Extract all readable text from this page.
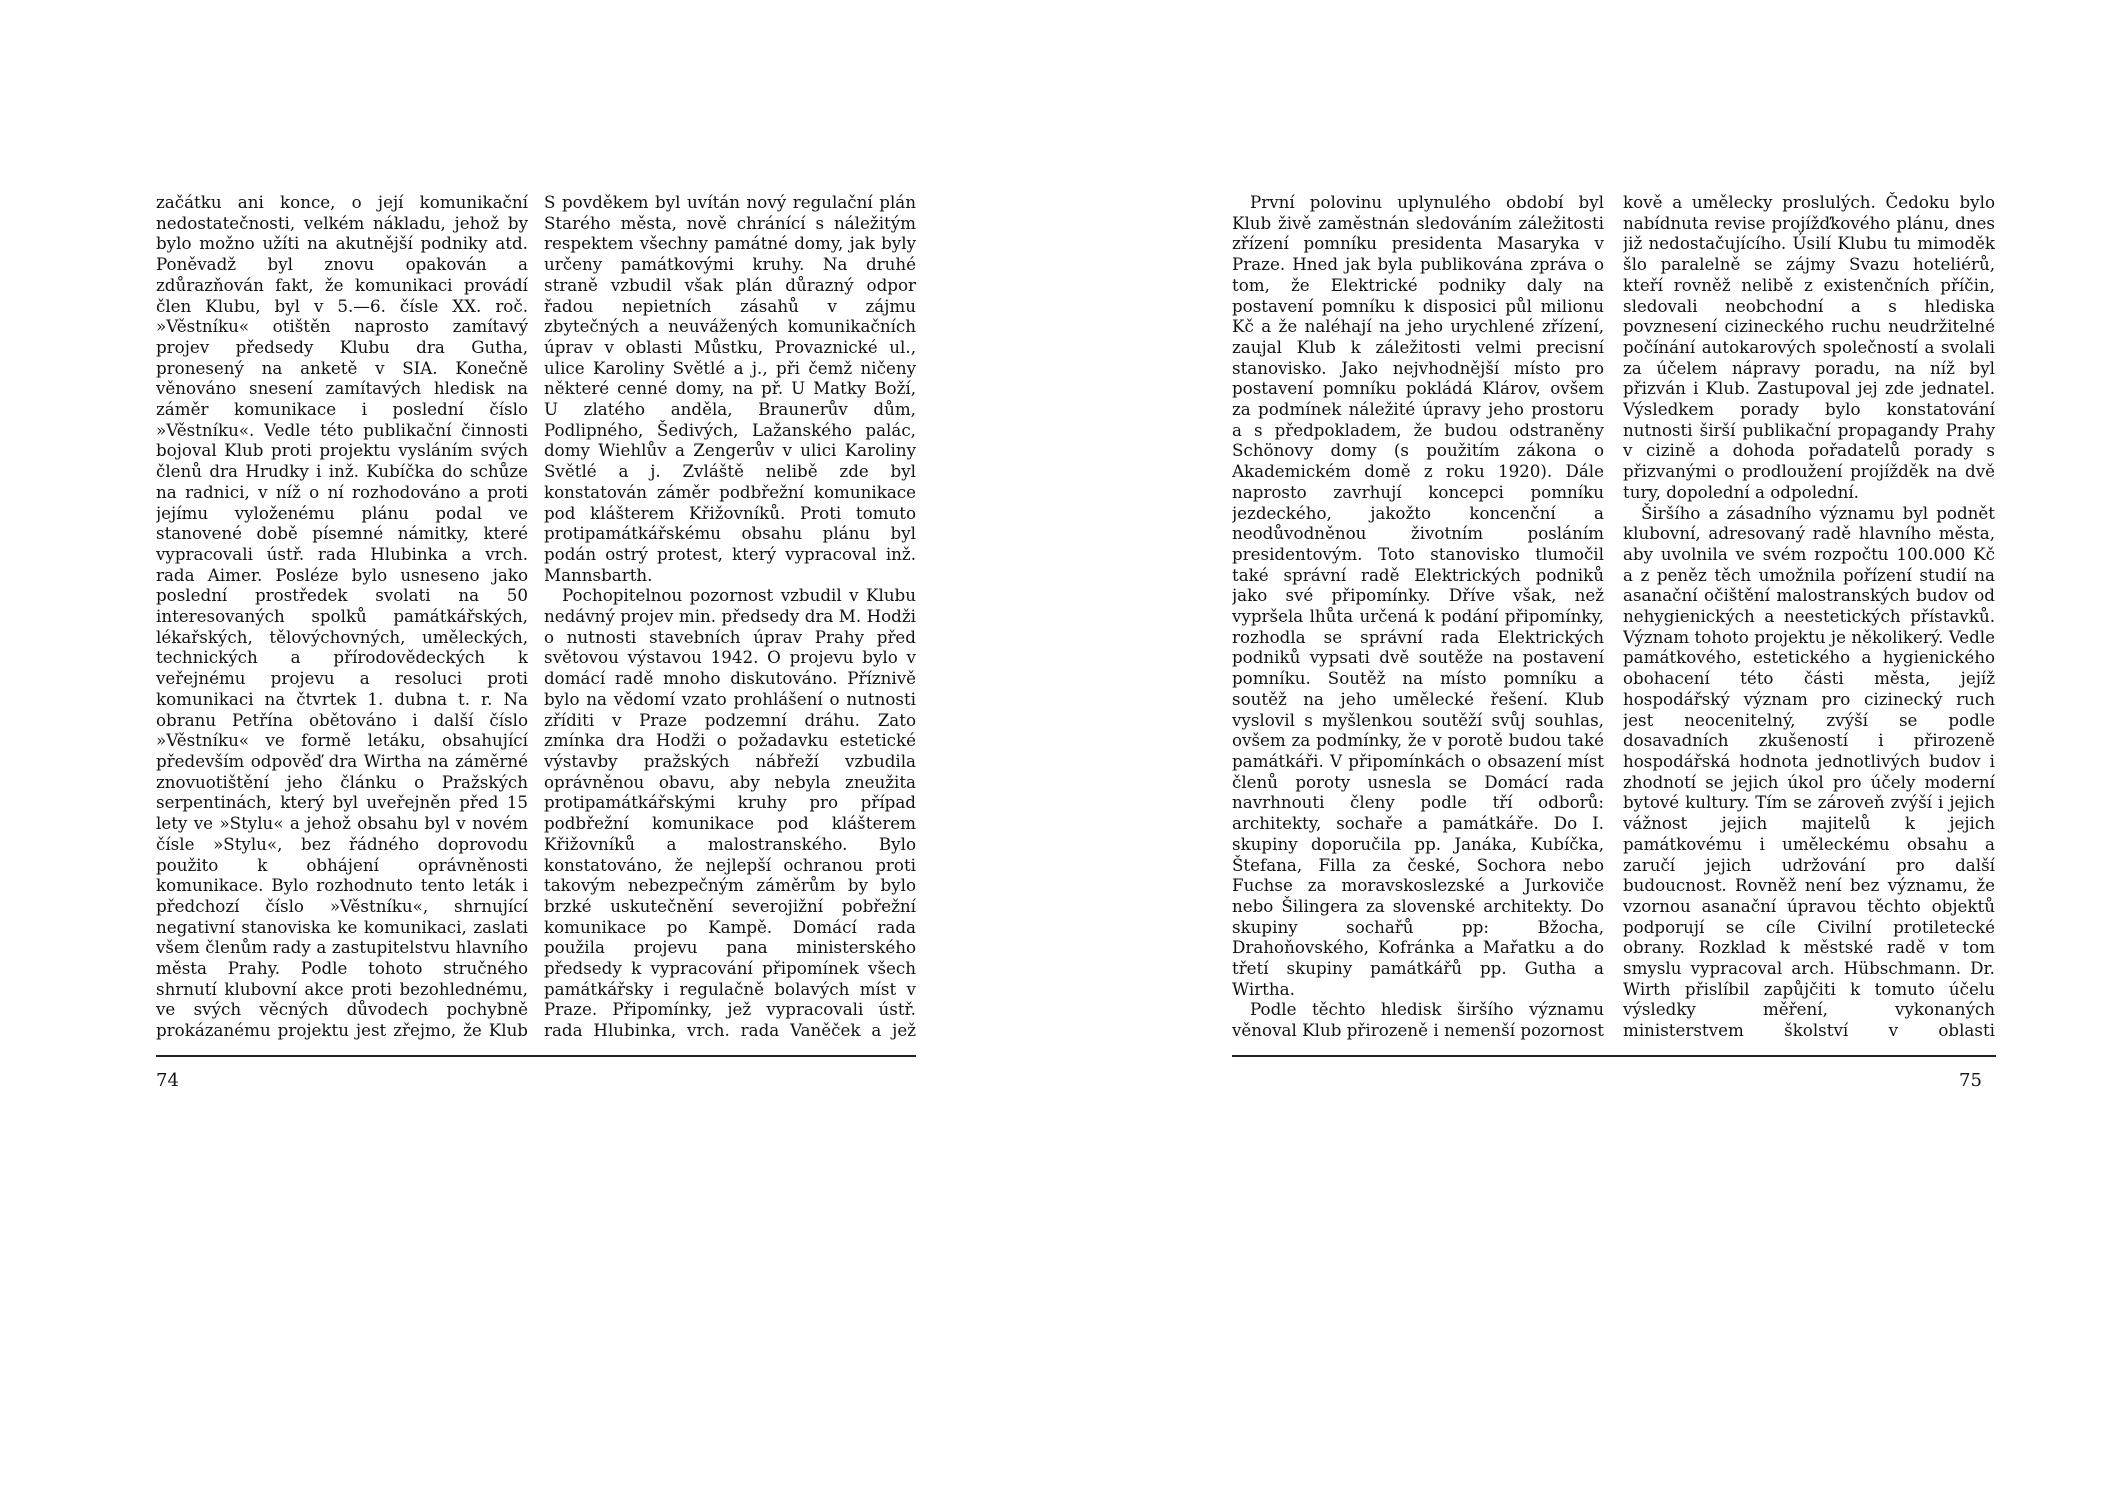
začátku ani konce, o její komunikační nedostatečnosti, velkém nákladu, jehož by bylo možno užíti na akutnější podniky atd. Poněvadž byl znovu opakován a zdůrazňován fakt, že komunikaci provádí člen Klubu, byl v 5.—6. čísle XX. roč. »Věstníku« otištěn naprosto zamítavý projev předsedy Klubu dra Gutha, pronesený na anketě v SIA. Konečně věnováno snesení zamítavých hledisk na záměr komunikace i poslední číslo »Věstníku«. Vedle této publikační činnosti bojoval Klub proti projektu vysláním svých členů dra Hrudky i inž. Kubíčka do schůze na radnici, v níž o ní rozhodováno a proti jejímu vyloženému plánu podal ve stanovené době písemné námitky, které vypracovali ústř. rada Hlubinka a vrch. rada Aimer. Posléze bylo usneseno jako poslední prostředek svolati na 50 interesovaných spolků památkářských, lékařských, tělovýchovných, uměleckých, technických a přírodovědeckých k veřejnému projevu a resoluci proti komunikaci na čtvrtek 1. dubna t. r. Na obranu Petřína obětováno i další číslo »Věstníku« ve formě letáku, obsahující především odpověď dra Wirtha na záměrné znovuotištění jeho článku o Pražských serpentinách, který byl uveřejněn před 15 lety ve »Stylu« a jehož obsahu byl v novém čísle »Stylu«, bez řádného doprovodu použito k obhájení oprávněnosti komunikace. Bylo rozhodnuto tento leták i předchozí číslo »Věstníku«, shrnující negativní stanoviska ke komunikaci, zaslati všem členům rady a zastupitelstvu hlavního města Prahy. Podle tohoto stručného shrnutí klubovní akce proti bezohlednému, ve svých věcných důvodech pochybně prokázanému projektu jest zřejmo, že Klub

S povděkem byl uvítán nový regulační plán Starého města, nově chránící s náležitým respektem všechny památné domy, jak byly určeny památkovými kruhy. Na druhé straně vzbudil však plán důrazný odpor řadou nepietních zásahů v zájmu zbytečných a neuvážených komunikačních úprav v oblasti Můstku, Provaznické ul., ulice Karoliny Světlé a j., při čemž ničeny některé cenné domy, na př. U Matky Boží, U zlatého anděla, Braunerův dům, Podlipného, Šedivých, Lažanského palác, domy Wiehlův a Zengerův v ulici Karoliny Světlé a j. Zvláště nelibě zde byl konstatován záměr podbřežní komunikace pod klášterem Křižovníků. Proti tomuto protipamátkářskému obsahu plánu byl podán ostrý protest, který vypracoval inž. Mannsbarth.

Pochopitelnou pozornost vzbudil v Klubu nedávný projev min. předsedy dra M. Hodži o nutnosti stavebních úprav Prahy před světovou výstavou 1942. O projevu bylo v domácí radě mnoho diskutováno. Příznivě bylo na vědomí vzato prohlášení o nutnosti zříditi v Praze podzemní dráhu. Zato zmínka dra Hodži o požadavku estetické výstavby pražských nábřeží vzbudila oprávněnou obavu, aby nebyla zneužita protipamátkářskými kruhy pro případ podbřežní komunikace pod klášterem Křižovníků a malostranského. Bylo konstatováno, že nejlepší ochranou proti takovým nebezpečným záměrům by bylo brzké uskutečnění severojižní pobřežní komunikace po Kampě. Domácí rada použila projevu pana ministerského předsedy k vypracování připomínek všech památkářsky i regulačně bolavých míst v Praze. Připomínky, jež vypracovali ústř. rada Hlubinka, vrch. rada Vaněček a jež

74

První polovinu uplynulého období byl Klub živě zaměstnán sledováním záležitosti zřízení pomníku presidenta Masaryka v Praze. Hned jak byla publikována zpráva o tom, že Elektrické podniky daly na postavení pomníku k disposici půl milionu Kč a že naléhají na jeho urychlené zřízení, zaujal Klub k záležitosti velmi precisní stanovisko. Jako nejvhodnější místo pro postavení pomníku pokládá Klárov, ovšem za podmínek náležité úpravy jeho prostoru a s předpokladem, že budou odstraněny Schönovy domy (s použitím zákona o Akademickém domě z roku 1920). Dále naprosto zavrhují koncepci pomníku jezdeckého, jakožto koncenční a neodůvodněnou životním posláním presidentovým. Toto stanovisko tlumočil také správní radě Elektrických podniků jako své připomínky. Dříve však, než vypršela lhůta určená k podání připomínky, rozhodla se správní rada Elektrických podniků vypsati dvě soutěže na postavení pomníku. Soutěž na místo pomníku a soutěž na jeho umělecké řešení. Klub vyslovil s myšlenkou soutěží svůj souhlas, ovšem za podmínky, že v porotě budou také památkáři. V připomínkách o obsazení míst členů poroty usnesla se Domácí rada navrhnouti členy podle tří odborů: architekty, sochaře a památkáře. Do I. skupiny doporučila pp. Janáka, Kubíčka, Štefana, Fillа za české, Sochora nebo Fuchse za moravskoslezské a Jurkoviče nebo Šilingera za slovenské architekty. Do skupiny sochařů pp: Bžocha, Drahoňovského, Kofránka a Mařatku a do třetí skupiny památkářů pp. Gutha a Wirtha.

Podle těchto hledisk širšího významu věnoval Klub přirozeně i nemenší pozornost

kově a umělecky proslulých. Čedoku bylo nabídnuta revise projížďkového plánu, dnes již nedostačujícího. Úsilí Klubu tu mimoděk šlo paralelně se zájmy Svazu hoteliérů, kteří rovněž nelibě z existenčních příčin, sledovali neobchodní a s hlediska povznesení cizineckého ruchu neudržitelné počínání autokarových společností a svolali za účelem nápravy poradu, na níž byl přizván i Klub. Zastupoval jej zde jednatel. Výsledkem porady bylo konstatování nutnosti širší publikační propagandy Prahy v cizině a dohoda pořadatelů porady s přizvanými o prodloužení projížděk na dvě tury, dopolední a odpolední.

Širšího a zásadního významu byl podnět klubovní, adresovaný radě hlavního města, aby uvolnila ve svém rozpočtu 100.000 Kč a z peněz těch umožnila pořízení studií na asanační očištění malostranských budov od nehygienických a neestetických přístavků. Význam tohoto projektu je několikerý. Vedle památkového, estetického a hygienického obohacení této části města, jejíž hospodářský význam pro cizinecký ruch jest neocenitelný, zvýší se podle dosavadních zkušeností i přirozeně hospodářská hodnota jednotlivých budov i zhodnotí se jejich úkol pro účely moderní bytové kultury. Tím se zároveň zvýší i jejich vážnost jejich majitelů k jejich památkovému i uměleckému obsahu a zaručí jejich udržování pro další budoucnost. Rovněž není bez významu, že vzornou asanační úpravou těchto objektů podporují se cíle Civilní protiletecké obrany. Rozklad k městské radě v tom smyslu vypracoval arch. Hübschmann. Dr. Wirth přislíbil zapůjčiti k tomuto účelu výsledky měření, vykonaných ministerstvem školství v oblasti

75
